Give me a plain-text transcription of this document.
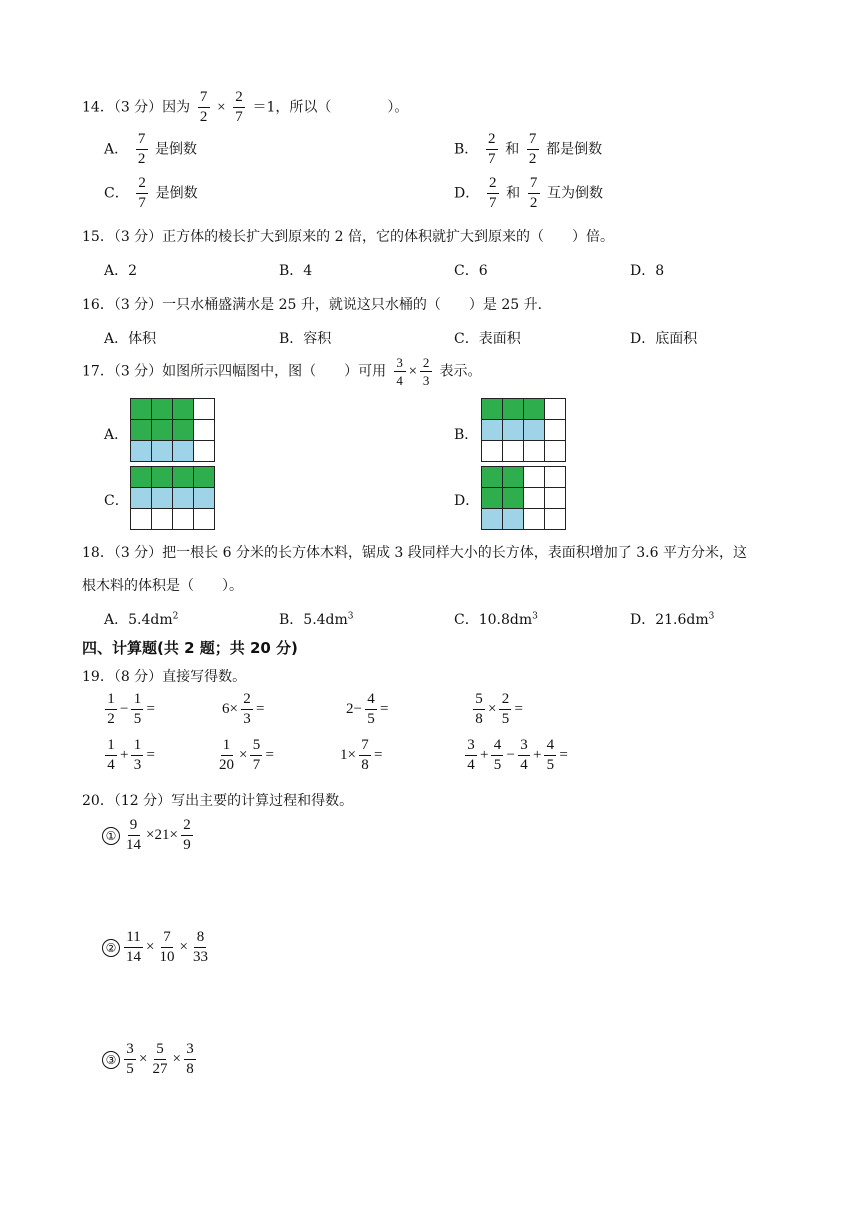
14．（3 分）因为 $\frac{7}{2} \times \frac{2}{7} =1$，所以（　　　　）。
A． $\frac{7}{2}$ 是倒数	B． $\frac{2}{7}$ 和 $\frac{7}{2}$ 都是倒数
C． $\frac{2}{7}$ 是倒数	D． $\frac{2}{7}$ 和 $\frac{7}{2}$ 互为倒数
15．（3 分）正方体的棱长扩大到原来的 2 倍，它的体积就扩大到原来的（　　）倍。
A．2	B．4	C．6	D．8
16．（3 分）一只水桶盛满水是 25 升，就说这只水桶的（　　）是 25 升．
A．体积	B．容积	C．表面积	D．底面积
17．（3 分）如图所示四幅图中，图（　　）可用 $\frac{3}{4} \times \frac{2}{3}$ 表示。
A．	B．
C．	D．
18．（3 分）把一根长 6 分米的长方体木料，锯成 3 段同样大小的长方体，表面积增加了 3.6 平方分米，这
根木料的体积是（　　）。
A．$5.4dm^2$	B．$5.4dm^3$	C．$10.8dm^3$	D．$21.6dm^3$
四、计算题(共 2 题；共 20 分)
19．（8 分）直接写得数。
$\frac{1}{2} - \frac{1}{5}$ =	$6\times \frac{2}{3}$ =	$2- \frac{4}{5}$ =	$\frac{5}{8} \times \frac{2}{5}$ =
$\frac{1}{4} + \frac{1}{3}$ =	$\frac{1}{20} \times \frac{5}{7}$ =	$1\times \frac{7}{8}$ =	$\frac{3}{4} + \frac{4}{5} - \frac{3}{4} + \frac{4}{5}$ =
20．（12 分）写出主要的计算过程和得数。
① $\frac{9}{14} \times 21\times \frac{2}{9}$
② $\frac{11}{14} \times \frac{7}{10} \times \frac{8}{33}$
③ $\frac{3}{5} \times \frac{5}{27} \times \frac{3}{8}$
